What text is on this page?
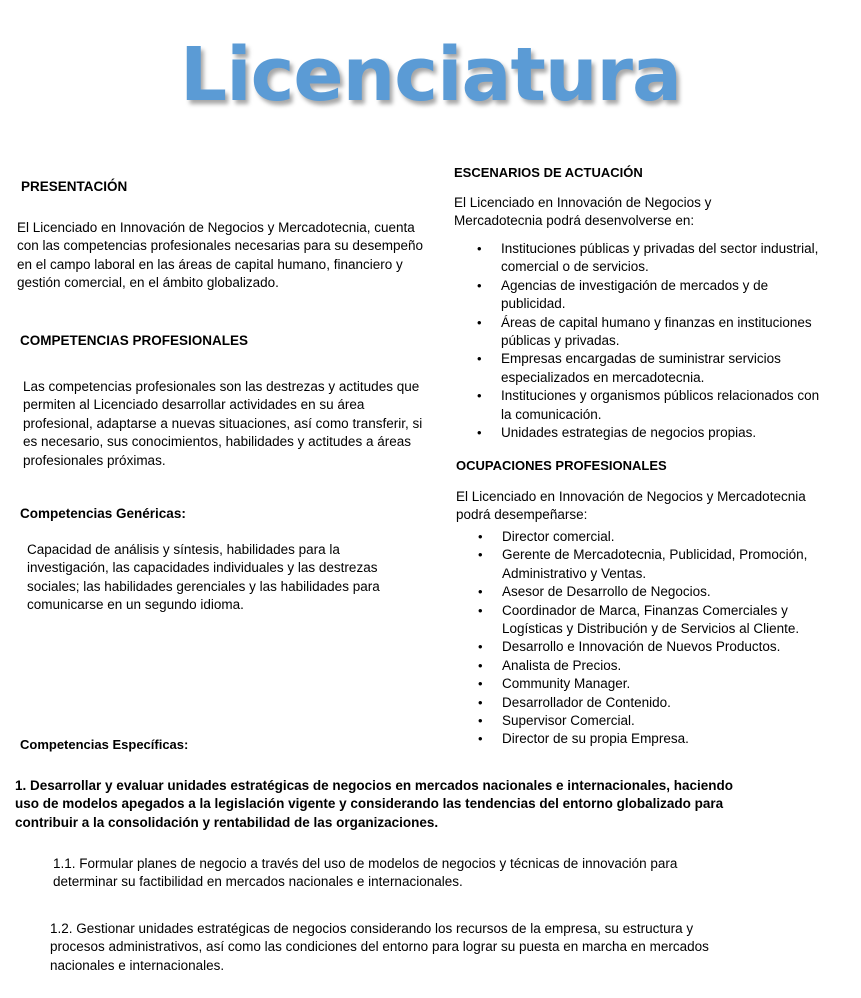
Licenciatura
PRESENTACIÓN
El Licenciado en Innovación de Negocios y Mercadotecnia, cuenta con las competencias profesionales necesarias para su desempeño en el campo laboral en las áreas de capital humano, financiero y gestión comercial, en el ámbito globalizado.
COMPETENCIAS PROFESIONALES
Las competencias profesionales son las destrezas y actitudes que permiten al Licenciado desarrollar actividades en su área profesional, adaptarse a nuevas situaciones, así como transferir, si es necesario, sus conocimientos, habilidades y actitudes a áreas profesionales próximas.
Competencias Genéricas:
Capacidad de análisis y síntesis, habilidades para la investigación, las capacidades individuales y las destrezas sociales; las habilidades gerenciales y las habilidades para comunicarse en un segundo idioma.
ESCENARIOS DE ACTUACIÓN
El Licenciado en Innovación de Negocios y Mercadotecnia podrá desenvolverse en:
• Instituciones públicas y privadas del sector industrial, comercial o de servicios.
• Agencias de investigación de mercados y de publicidad.
• Áreas de capital humano y finanzas en instituciones públicas y privadas.
• Empresas encargadas de suministrar servicios especializados en mercadotecnia.
• Instituciones y organismos públicos relacionados con la comunicación.
• Unidades estrategias de negocios propias.
OCUPACIONES PROFESIONALES
El Licenciado en Innovación de Negocios y Mercadotecnia podrá desempeñarse:
• Director comercial.
• Gerente de Mercadotecnia, Publicidad, Promoción, Administrativo y Ventas.
• Asesor de Desarrollo de Negocios.
• Coordinador de Marca, Finanzas Comerciales y Logísticas y Distribución y de Servicios al Cliente.
• Desarrollo e Innovación de Nuevos Productos.
• Analista de Precios.
• Community Manager.
• Desarrollador de Contenido.
• Supervisor Comercial.
• Director de su propia Empresa.
Competencias Específicas:
1. Desarrollar y evaluar unidades estratégicas de negocios en mercados nacionales e internacionales, haciendo uso de modelos apegados a la legislación vigente y considerando las tendencias del entorno globalizado para contribuir a la consolidación y rentabilidad de las organizaciones.
1.1. Formular planes de negocio a través del uso de modelos de negocios y técnicas de innovación para determinar su factibilidad en mercados nacionales e internacionales.
1.2. Gestionar unidades estratégicas de negocios considerando los recursos de la empresa, su estructura y procesos administrativos, así como las condiciones del entorno para lograr su puesta en marcha en mercados nacionales e internacionales.
